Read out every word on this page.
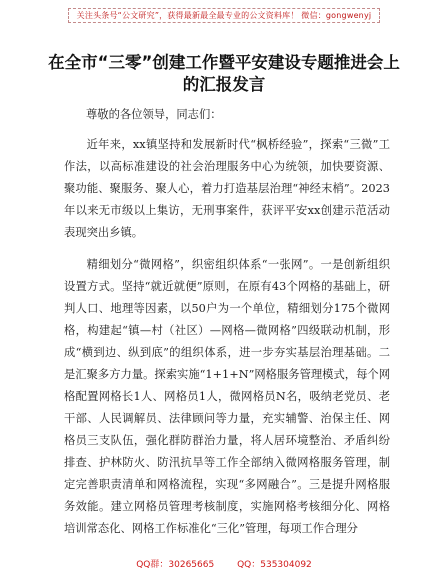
关注头条号“公文研究”，获得最新最全最专业的公文资料库！ 微信：gongwenyj
在全市“三零”创建工作暨平安建设专题推进会上的汇报发言

尊敬的各位领导，同志们：

近年来，xx镇坚持和发展新时代“枫桥经验”，探索“三微”工作法，以高标准建设的社会治理服务中心为统领，加快要资源、聚功能、聚服务、聚人心，着力打造基层治理“神经末梢”。2023年以来无市级以上集访，无刑事案件，获评平安xx创建示范活动表现突出乡镇。

精细划分“微网格”，织密组织体系“一张网”。一是创新组织设置方式。坚持“就近就便”原则，在原有43个网格的基础上，研判人口、地理等因素，以50户为一个单位，精细划分175个微网格，构建起“镇—村（社区）—网格—微网格”四级联动机制，形成“横到边、纵到底”的组织体系，进一步夯实基层治理基础。二是汇聚多方力量。探索实施“1+1+N”网格服务管理模式，每个网格配置网格长1人、网格员1人，微网格员N名，吸纳老党员、老干部、人民调解员、法律顾问等力量，充实辅警、治保主任、网格员三支队伍，强化群防群治力量，将人居环境整治、矛盾纠纷排查、护林防火、防汛抗旱等工作全部纳入微网格服务管理，制定完善职责清单和网格流程，实现“多网融合”。三是提升网格服务效能。建立网格员管理考核制度，实施网格考核细分化、网格培训常态化、网格工作标准化“三化”管理，每项工作合理分

QQ群：30265665	QQ：535304092
